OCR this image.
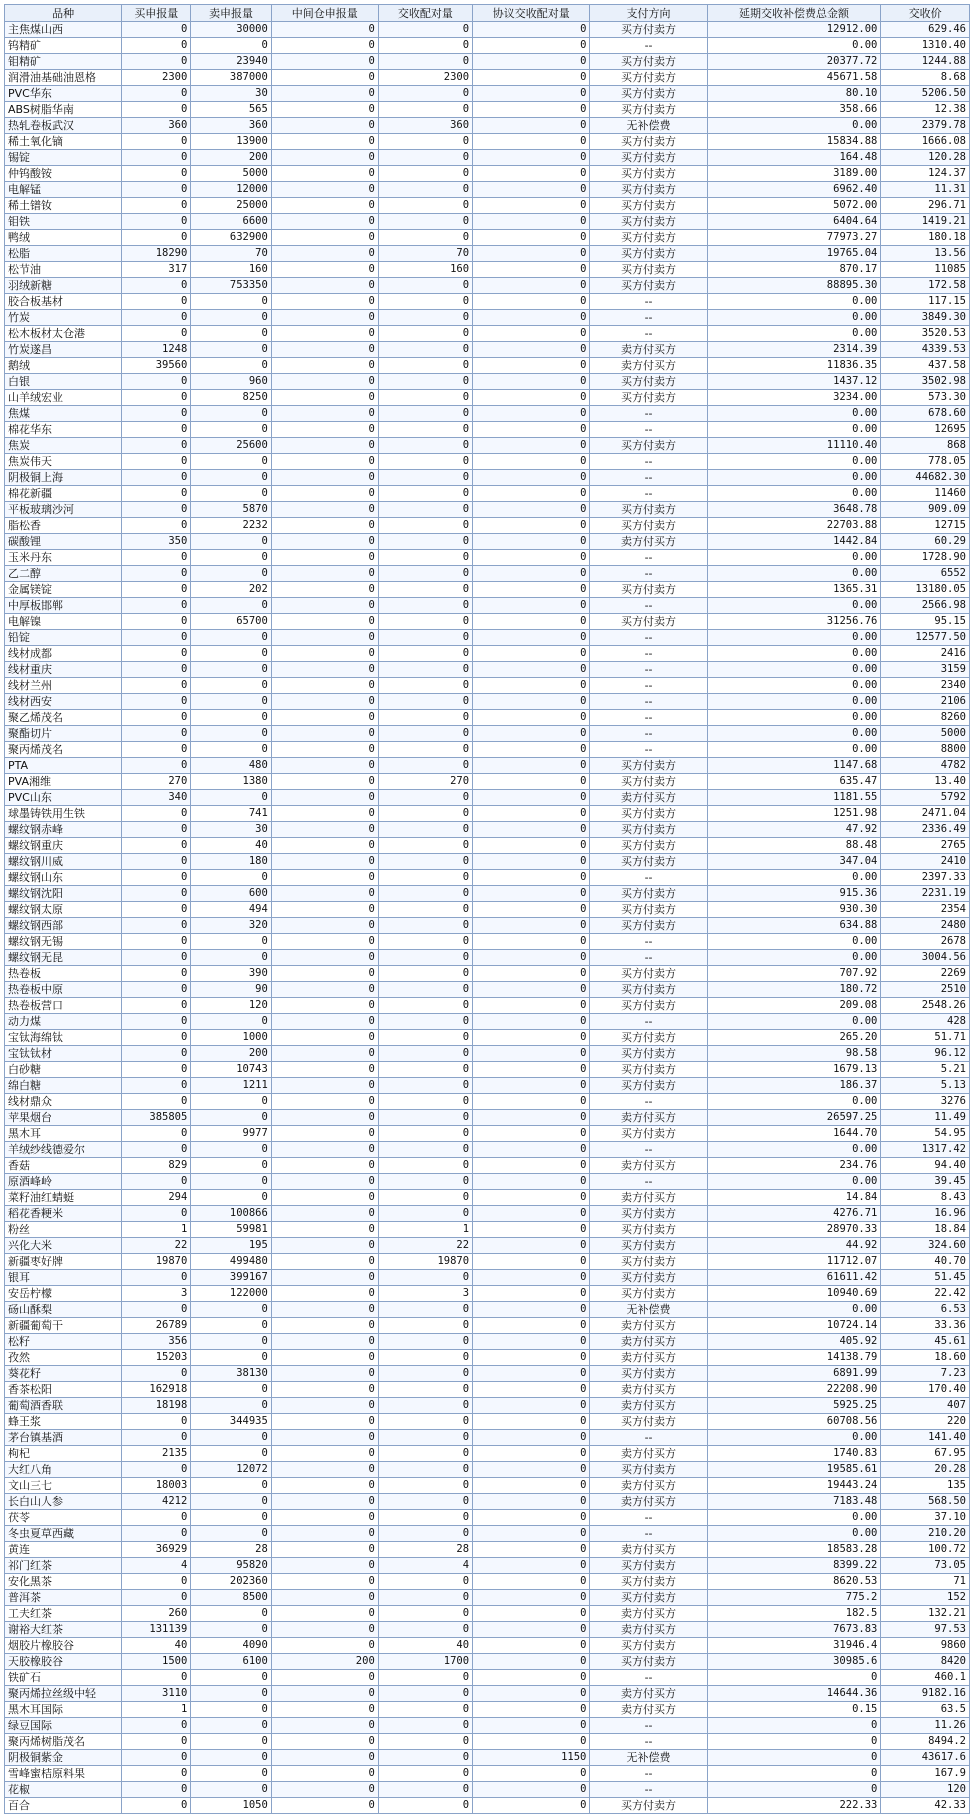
品种	买申报量	卖申报量	中间仓申报量	交收配对量	协议交收配对量	支付方向	延期交收补偿费总金额	交收价
主焦煤山西	0	30000	0	0	0	买方付卖方	12912.00	629.46
钨精矿	0	0	0	0	0	--	0.00	1310.40
钼精矿	0	23940	0	0	0	买方付卖方	20377.72	1244.88
润滑油基础油恩格	2300	387000	0	2300	0	买方付卖方	45671.58	8.68
PVC华东	0	30	0	0	0	买方付卖方	80.10	5206.50
ABS树脂华南	0	565	0	0	0	买方付卖方	358.66	12.38
热轧卷板武汉	360	360	0	360	0	无补偿费	0.00	2379.78
稀土氧化镝	0	13900	0	0	0	买方付卖方	15834.88	1666.08
锡锭	0	200	0	0	0	买方付卖方	164.48	120.28
仲钨酸铵	0	5000	0	0	0	买方付卖方	3189.00	124.37
电解锰	0	12000	0	0	0	买方付卖方	6962.40	11.31
稀土镨钕	0	25000	0	0	0	买方付卖方	5072.00	296.71
钼铁	0	6600	0	0	0	买方付卖方	6404.64	1419.21
鸭绒	0	632900	0	0	0	买方付卖方	77973.27	180.18
松脂	18290	70	0	70	0	买方付卖方	19765.04	13.56
松节油	317	160	0	160	0	买方付卖方	870.17	11085
羽绒新糖	0	753350	0	0	0	买方付卖方	88895.30	172.58
胶合板基材	0	0	0	0	0	--	0.00	117.15
竹炭	0	0	0	0	0	--	0.00	3849.30
松木板材太仓港	0	0	0	0	0	--	0.00	3520.53
竹炭遂昌	1248	0	0	0	0	卖方付买方	2314.39	4339.53
鹅绒	39560	0	0	0	0	卖方付买方	11836.35	437.58
白银	0	960	0	0	0	买方付卖方	1437.12	3502.98
山羊绒宏业	0	8250	0	0	0	买方付卖方	3234.00	573.30
焦煤	0	0	0	0	0	--	0.00	678.60
棉花华东	0	0	0	0	0	--	0.00	12695
焦炭	0	25600	0	0	0	买方付卖方	11110.40	868
焦炭伟天	0	0	0	0	0	--	0.00	778.05
阴极铜上海	0	0	0	0	0	--	0.00	44682.30
棉花新疆	0	0	0	0	0	--	0.00	11460
平板玻璃沙河	0	5870	0	0	0	买方付卖方	3648.78	909.09
脂松香	0	2232	0	0	0	买方付卖方	22703.88	12715
碳酸锂	350	0	0	0	0	卖方付买方	1442.84	60.29
玉米丹东	0	0	0	0	0	--	0.00	1728.90
乙二醇	0	0	0	0	0	--	0.00	6552
金属镁锭	0	202	0	0	0	买方付卖方	1365.31	13180.05
中厚板邯郸	0	0	0	0	0	--	0.00	2566.98
电解镍	0	65700	0	0	0	买方付卖方	31256.76	95.15
铅锭	0	0	0	0	0	--	0.00	12577.50
线材成都	0	0	0	0	0	--	0.00	2416
线材重庆	0	0	0	0	0	--	0.00	3159
线材兰州	0	0	0	0	0	--	0.00	2340
线材西安	0	0	0	0	0	--	0.00	2106
聚乙烯茂名	0	0	0	0	0	--	0.00	8260
聚酯切片	0	0	0	0	0	--	0.00	5000
聚丙烯茂名	0	0	0	0	0	--	0.00	8800
PTA	0	480	0	0	0	买方付卖方	1147.68	4782
PVA湘维	270	1380	0	270	0	买方付卖方	635.47	13.40
PVC山东	340	0	0	0	0	卖方付买方	1181.55	5792
球墨铸铁用生铁	0	741	0	0	0	买方付卖方	1251.98	2471.04
螺纹钢赤峰	0	30	0	0	0	买方付卖方	47.92	2336.49
螺纹钢重庆	0	40	0	0	0	买方付卖方	88.48	2765
螺纹钢川威	0	180	0	0	0	买方付卖方	347.04	2410
螺纹钢山东	0	0	0	0	0	--	0.00	2397.33
螺纹钢沈阳	0	600	0	0	0	买方付卖方	915.36	2231.19
螺纹钢太原	0	494	0	0	0	买方付卖方	930.30	2354
螺纹钢西部	0	320	0	0	0	买方付卖方	634.88	2480
螺纹钢无锡	0	0	0	0	0	--	0.00	2678
螺纹钢无昆	0	0	0	0	0	--	0.00	3004.56
热卷板	0	390	0	0	0	买方付卖方	707.92	2269
热卷板中原	0	90	0	0	0	买方付卖方	180.72	2510
热卷板营口	0	120	0	0	0	买方付卖方	209.08	2548.26
动力煤	0	0	0	0	0	--	0.00	428
宝钛海绵钛	0	1000	0	0	0	买方付卖方	265.20	51.71
宝钛钛材	0	200	0	0	0	买方付卖方	98.58	96.12
白砂糖	0	10743	0	0	0	买方付卖方	1679.13	5.21
绵白糖	0	1211	0	0	0	买方付卖方	186.37	5.13
线材鼎众	0	0	0	0	0	--	0.00	3276
苹果烟台	385805	0	0	0	0	卖方付买方	26597.25	11.49
黑木耳	0	9977	0	0	0	买方付卖方	1644.70	54.95
羊绒纱线德爱尔	0	0	0	0	0	--	0.00	1317.42
香菇	829	0	0	0	0	卖方付买方	234.76	94.40
原酒峰岭	0	0	0	0	0	--	0.00	39.45
菜籽油红蜻蜓	294	0	0	0	0	卖方付买方	14.84	8.43
稻花香粳米	0	100866	0	0	0	买方付卖方	4276.71	16.96
粉丝	1	59981	0	1	0	买方付卖方	28970.33	18.84
兴化大米	22	195	0	22	0	买方付卖方	44.92	324.60
新疆枣好牌	19870	499480	0	19870	0	买方付卖方	11712.07	40.70
银耳	0	399167	0	0	0	买方付卖方	61611.42	51.45
安岳柠檬	3	122000	0	3	0	买方付卖方	10940.69	22.42
砀山酥梨	0	0	0	0	0	无补偿费	0.00	6.53
新疆葡萄干	26789	0	0	0	0	卖方付买方	10724.14	33.36
松籽	356	0	0	0	0	卖方付买方	405.92	45.61
孜然	15203	0	0	0	0	卖方付买方	14138.79	18.60
葵花籽	0	38130	0	0	0	买方付卖方	6891.99	7.23
香茶松阳	162918	0	0	0	0	卖方付买方	22208.90	170.40
葡萄酒香联	18198	0	0	0	0	卖方付买方	5925.25	407
蜂王浆	0	344935	0	0	0	买方付卖方	60708.56	220
茅台镇基酒	0	0	0	0	0	--	0.00	141.40
枸杞	2135	0	0	0	0	卖方付买方	1740.83	67.95
大红八角	0	12072	0	0	0	买方付卖方	19585.61	20.28
文山三七	18003	0	0	0	0	卖方付买方	19443.24	135
长白山人参	4212	0	0	0	0	卖方付买方	7183.48	568.50
茯苓	0	0	0	0	0	--	0.00	37.10
冬虫夏草西藏	0	0	0	0	0	--	0.00	210.20
黄连	36929	28	0	28	0	卖方付买方	18583.28	100.72
祁门红茶	4	95820	0	4	0	买方付卖方	8399.22	73.05
安化黑茶	0	202360	0	0	0	买方付卖方	8620.53	71
普洱茶	0	8500	0	0	0	买方付卖方	775.2	152
工夫红茶	260	0	0	0	0	卖方付买方	182.5	132.21
谢裕大红茶	131139	0	0	0	0	卖方付买方	7673.83	97.53
烟胶片橡胶谷	40	4090	0	40	0	买方付卖方	31946.4	9860
天胶橡胶谷	1500	6100	200	1700	0	买方付卖方	30985.6	8420
铁矿石	0	0	0	0	0	--	0	460.1
聚丙烯拉丝级中轻	3110	0	0	0	0	卖方付买方	14644.36	9182.16
黑木耳国际	1	0	0	0	0	卖方付买方	0.15	63.5
绿豆国际	0	0	0	0	0	--	0	11.26
聚丙烯树脂茂名	0	0	0	0	0	--	0	8494.2
阴极铜紫金	0	0	0	0	1150	无补偿费	0	43617.6
雪峰蜜桔原料果	0	0	0	0	0	--	0	167.9
花椒	0	0	0	0	0	--	0	120
百合	0	1050	0	0	0	买方付卖方	222.33	42.33
